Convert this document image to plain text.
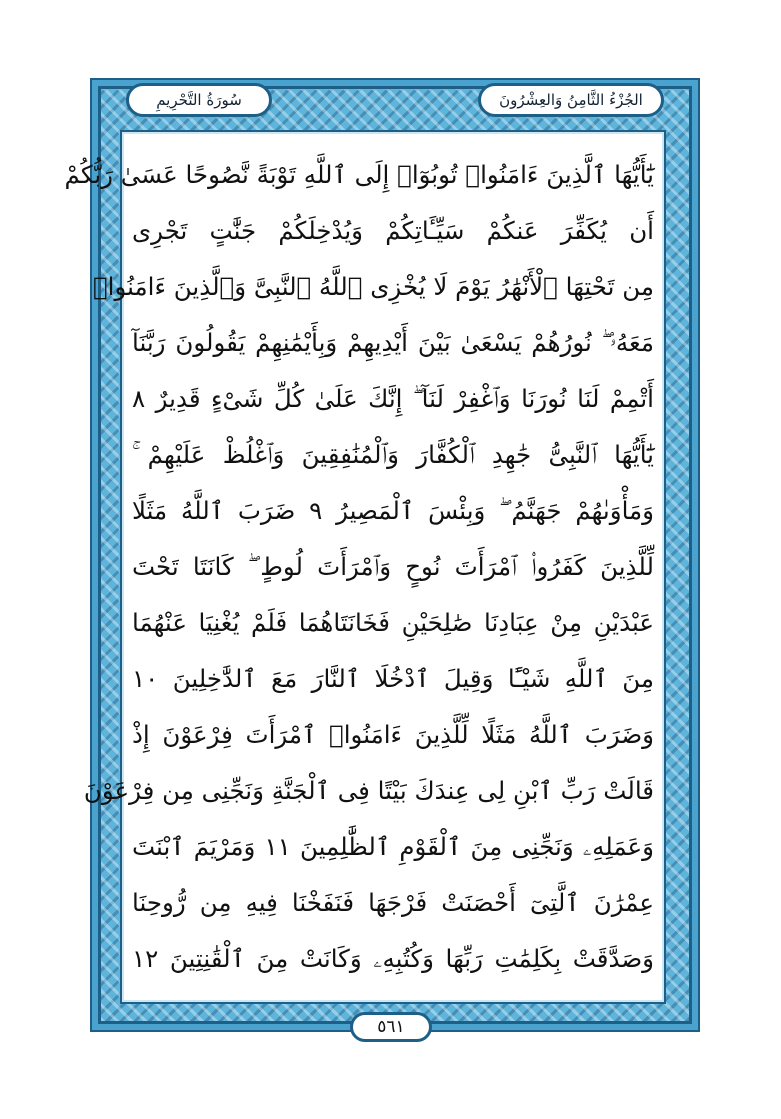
الجُزْءُ الثَّامِنُ وَالعِشْرُونَ
سُورَةُ التَّحْرِيمِ
يَٰٓأَيُّهَا ٱلَّذِينَ ءَامَنُوا۟ تُوبُوٓا۟ إِلَى ٱللَّهِ تَوْبَةً نَّصُوحًا عَسَىٰ رَبُّكُمْ
أَن يُكَفِّرَ عَنكُمْ سَيِّـَٔاتِكُمْ وَيُدْخِلَكُمْ جَنَّٰتٍ تَجْرِى
مِن تَحْتِهَا ٱلْأَنْهَٰرُ يَوْمَ لَا يُخْزِى ٱللَّهُ ٱلنَّبِىَّ وَٱلَّذِينَ ءَامَنُوا۟
مَعَهُۥ ۖ نُورُهُمْ يَسْعَىٰ بَيْنَ أَيْدِيهِمْ وَبِأَيْمَٰنِهِمْ يَقُولُونَ رَبَّنَآ
أَتْمِمْ لَنَا نُورَنَا وَٱغْفِرْ لَنَآ ۖ إِنَّكَ عَلَىٰ كُلِّ شَىْءٍ قَدِيرٌ ٨
يَٰٓأَيُّهَا ٱلنَّبِىُّ جَٰهِدِ ٱلْكُفَّارَ وَٱلْمُنَٰفِقِينَ وَٱغْلُظْ عَلَيْهِمْ ۚ
وَمَأْوَىٰهُمْ جَهَنَّمُ ۖ وَبِئْسَ ٱلْمَصِيرُ ٩ ضَرَبَ ٱللَّهُ مَثَلًا
لِّلَّذِينَ كَفَرُوا۟ ٱمْرَأَتَ نُوحٍ وَٱمْرَأَتَ لُوطٍ ۖ كَانَتَا تَحْتَ
عَبْدَيْنِ مِنْ عِبَادِنَا صَٰلِحَيْنِ فَخَانَتَاهُمَا فَلَمْ يُغْنِيَا عَنْهُمَا
مِنَ ٱللَّهِ شَيْـًٔا وَقِيلَ ٱدْخُلَا ٱلنَّارَ مَعَ ٱلدَّٰخِلِينَ ١٠
وَضَرَبَ ٱللَّهُ مَثَلًا لِّلَّذِينَ ءَامَنُوا۟ ٱمْرَأَتَ فِرْعَوْنَ إِذْ
قَالَتْ رَبِّ ٱبْنِ لِى عِندَكَ بَيْتًا فِى ٱلْجَنَّةِ وَنَجِّنِى مِن فِرْعَوْنَ
وَعَمَلِهِۦ وَنَجِّنِى مِنَ ٱلْقَوْمِ ٱلظَّٰلِمِينَ ١١ وَمَرْيَمَ ٱبْنَتَ
عِمْرَٰنَ ٱلَّتِىٓ أَحْصَنَتْ فَرْجَهَا فَنَفَخْنَا فِيهِ مِن رُّوحِنَا
وَصَدَّقَتْ بِكَلِمَٰتِ رَبِّهَا وَكُتُبِهِۦ وَكَانَتْ مِنَ ٱلْقَٰنِتِينَ ١٢
٥٦١
